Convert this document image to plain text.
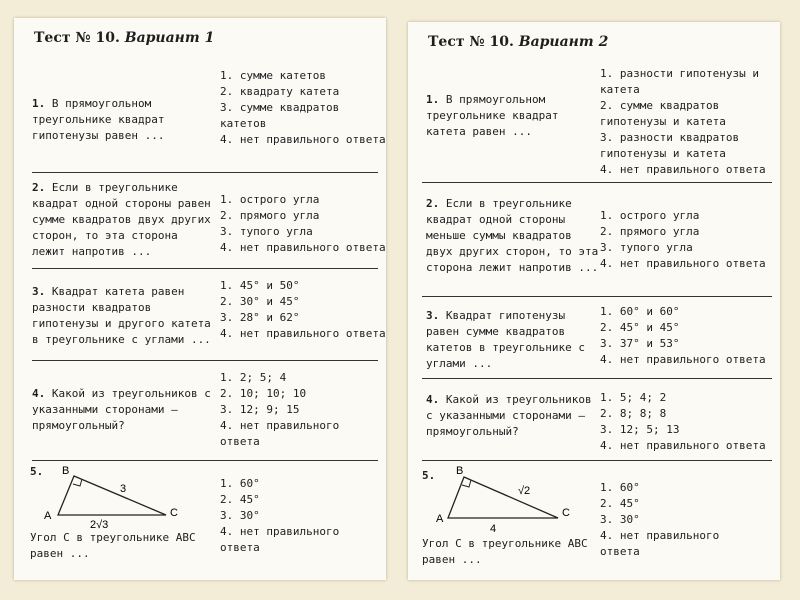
Тест № 10. Вариант 1
1. В прямоугольном треугольнике квадрат гипотенузы равен ...
1. сумме катетов
2. квадрату катета
3. сумме квадратов катетов
4. нет правильного ответа
2. Если в треугольнике квадрат одной стороны равен сумме квадратов двух других сторон, то эта сторона лежит напротив ...
1. острого угла
2. прямого угла
3. тупого угла
4. нет правильного ответа
3. Квадрат катета равен разности квадратов гипотенузы и другого катета в треугольнике с углами ...
1. 45° и 50°
2. 30° и 45°
3. 28° и 62°
4. нет правильного ответа
4. Какой из треугольников с указанными сторонами – прямоугольный?
1. 2; 5; 4
2. 10; 10; 10
3. 12; 9; 15
4. нет правильного ответа
5.	B
A	C
3
2√3
Угол C в треугольнике ABC равен ...
1. 60°
2. 45°
3. 30°
4. нет правильного ответа
Тест № 10. Вариант 2
1. В прямоугольном треугольнике квадрат катета равен ...
1. разности гипотенузы и катета
2. сумме квадратов гипотенузы и катета
3. разности квадратов гипотенузы и катета
4. нет правильного ответа
2. Если в треугольнике квадрат одной стороны меньше суммы квадратов двух других сторон, то эта сторона лежит напротив ...
1. острого угла
2. прямого угла
3. тупого угла
4. нет правильного ответа
3. Квадрат гипотенузы равен сумме квадратов катетов в треугольнике с углами ...
1. 60° и 60°
2. 45° и 45°
3. 37° и 53°
4. нет правильного ответа
4. Какой из треугольников с указанными сторонами — прямоугольный?
1. 5; 4; 2
2. 8; 8; 8
3. 12; 5; 13
4. нет правильного ответа
5.	B
A	C
√2
4
Угол C в треугольнике ABC равен ...
1. 60°
2. 45°
3. 30°
4. нет правильного ответа
